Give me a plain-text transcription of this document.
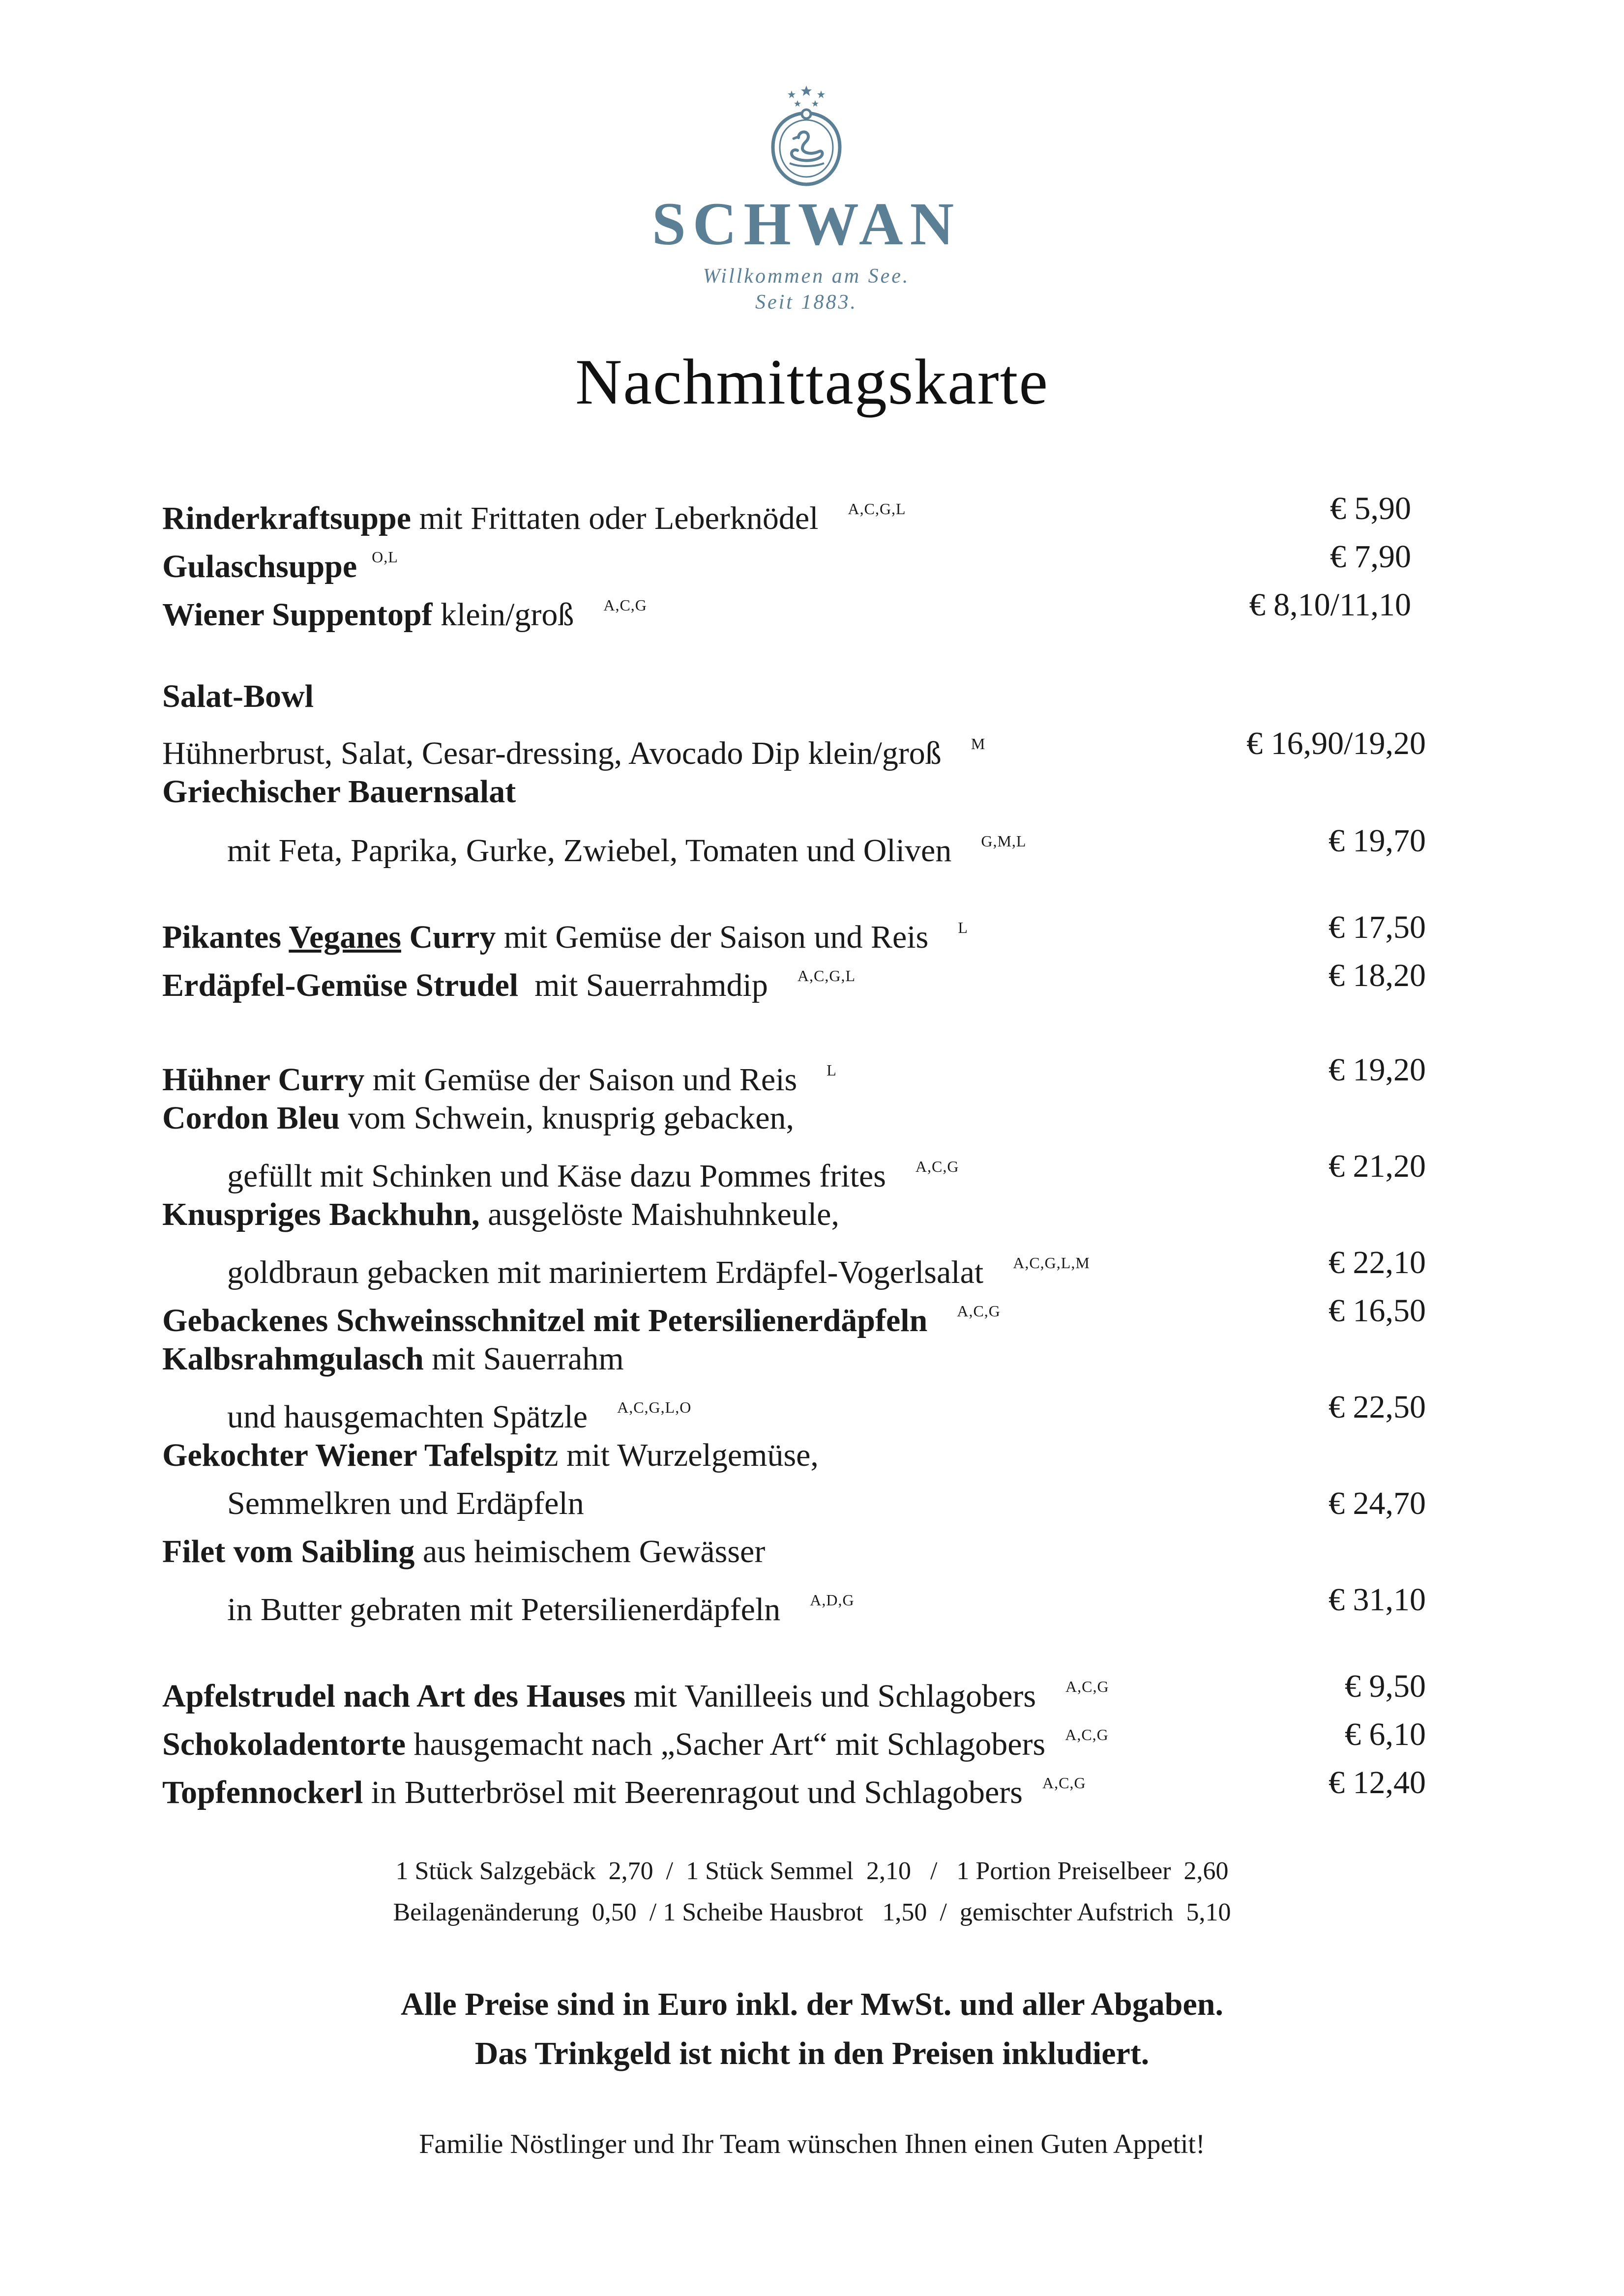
SCHWAN
Willkommen am See.
Seit 1883.
Nachmittagskarte
Rinderkraftsuppe mit Frittaten oder Leberknödel $^{A,C,G,L}$	€ 5,90
Gulaschsuppe $^{O,L}$	€ 7,90
Wiener Suppentopf klein/groß $^{A,C,G}$	€ 8,10/11,10
Salat-Bowl
Hühnerbrust, Salat, Cesar-dressing, Avocado Dip klein/groß $^M$	€ 16,90/19,20
Griechischer Bauernsalat
mit Feta, Paprika, Gurke, Zwiebel, Tomaten und Oliven $^{G,M,L}$	€ 19,70
Pikantes Veganes Curry mit Gemüse der Saison und Reis $^L$	€ 17,50
Erdäpfel-Gemüse Strudel  mit Sauerrahmdip $^{A,C,G,L}$	€ 18,20
Hühner Curry mit Gemüse der Saison und Reis $^L$	€ 19,20
Cordon Bleu vom Schwein, knusprig gebacken,
gefüllt mit Schinken und Käse dazu Pommes frites $^{A,C,G}$	€ 21,20
Knuspriges Backhuhn, ausgelöste Maishuhnkeule,
goldbraun gebacken mit mariniertem Erdäpfel-Vogerlsalat $^{A,C,G,L,M}$	€ 22,10
Gebackenes Schweinsschnitzel mit Petersilienerdäpfeln $^{A,C,G}$	€ 16,50
Kalbsrahmgulasch mit Sauerrahm
und hausgemachten Spätzle $^{A,C,G,L,O}$	€ 22,50
Gekochter Wiener Tafelspitz mit Wurzelgemüse,
Semmelkren und Erdäpfeln	€ 24,70
Filet vom Saibling aus heimischem Gewässer
in Butter gebraten mit Petersilienerdäpfeln $^{A,D,G}$	€ 31,10
Apfelstrudel nach Art des Hauses mit Vanilleeis und Schlagobers $^{A,C,G}$	€ 9,50
Schokoladentorte hausgemacht nach „Sacher Art“ mit Schlagobers $^{A,C,G}$	€ 6,10
Topfennockerl in Butterbrösel mit Beerenragout und Schlagobers $^{A,C,G}$	€ 12,40
1 Stück Salzgebäck  2,70  /  1 Stück Semmel  2,10   /   1 Portion Preiselbeer  2,60
Beilagenänderung  0,50  / 1 Scheibe Hausbrot   1,50  /  gemischter Aufstrich  5,10
Alle Preise sind in Euro inkl. der MwSt. und aller Abgaben.
Das Trinkgeld ist nicht in den Preisen inkludiert.
Familie Nöstlinger und Ihr Team wünschen Ihnen einen Guten Appetit!
